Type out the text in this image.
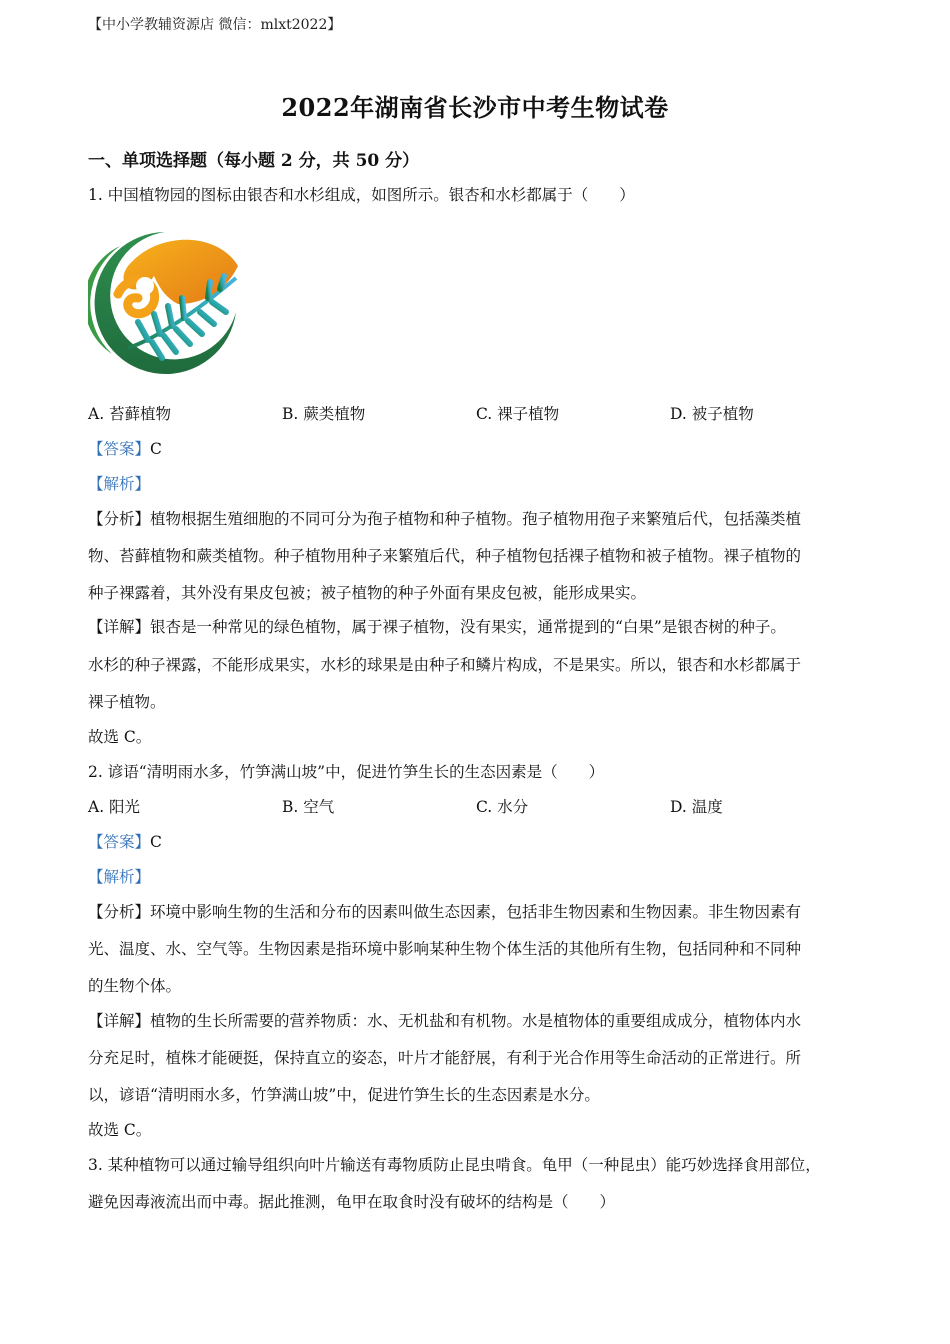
【中小学教辅资源店 微信：mlxt2022】
2022年湖南省长沙市中考生物试卷
一、单项选择题（每小题 2 分，共 50 分）
1. 中国植物园的图标由银杏和水杉组成，如图所示。银杏和水杉都属于（　　）
A. 苔藓植物	B. 蕨类植物	C. 裸子植物	D. 被子植物
【答案】C
【解析】
【分析】植物根据生殖细胞的不同可分为孢子植物和种子植物。孢子植物用孢子来繁殖后代，包括藻类植
物、苔藓植物和蕨类植物。种子植物用种子来繁殖后代，种子植物包括裸子植物和被子植物。裸子植物的
种子裸露着，其外没有果皮包被；被子植物的种子外面有果皮包被，能形成果实。
【详解】银杏是一种常见的绿色植物，属于裸子植物，没有果实，通常提到的“白果”是银杏树的种子。
水杉的种子裸露，不能形成果实，水杉的球果是由种子和鳞片构成，不是果实。所以，银杏和水杉都属于
裸子植物。
故选 C。
2. 谚语“清明雨水多，竹笋满山坡”中，促进竹笋生长的生态因素是（　　）
A. 阳光	B. 空气	C. 水分	D. 温度
【答案】C
【解析】
【分析】环境中影响生物的生活和分布的因素叫做生态因素，包括非生物因素和生物因素。非生物因素有
光、温度、水、空气等。生物因素是指环境中影响某种生物个体生活的其他所有生物，包括同种和不同种
的生物个体。
【详解】植物的生长所需要的营养物质：水、无机盐和有机物。水是植物体的重要组成成分，植物体内水
分充足时，植株才能硬挺，保持直立的姿态，叶片才能舒展，有利于光合作用等生命活动的正常进行。所
以，谚语“清明雨水多，竹笋满山坡”中，促进竹笋生长的生态因素是水分。
故选 C。
3. 某种植物可以通过输导组织向叶片输送有毒物质防止昆虫啃食。龟甲（一种昆虫）能巧妙选择食用部位，
避免因毒液流出而中毒。据此推测，龟甲在取食时没有破坏的结构是（　　）
